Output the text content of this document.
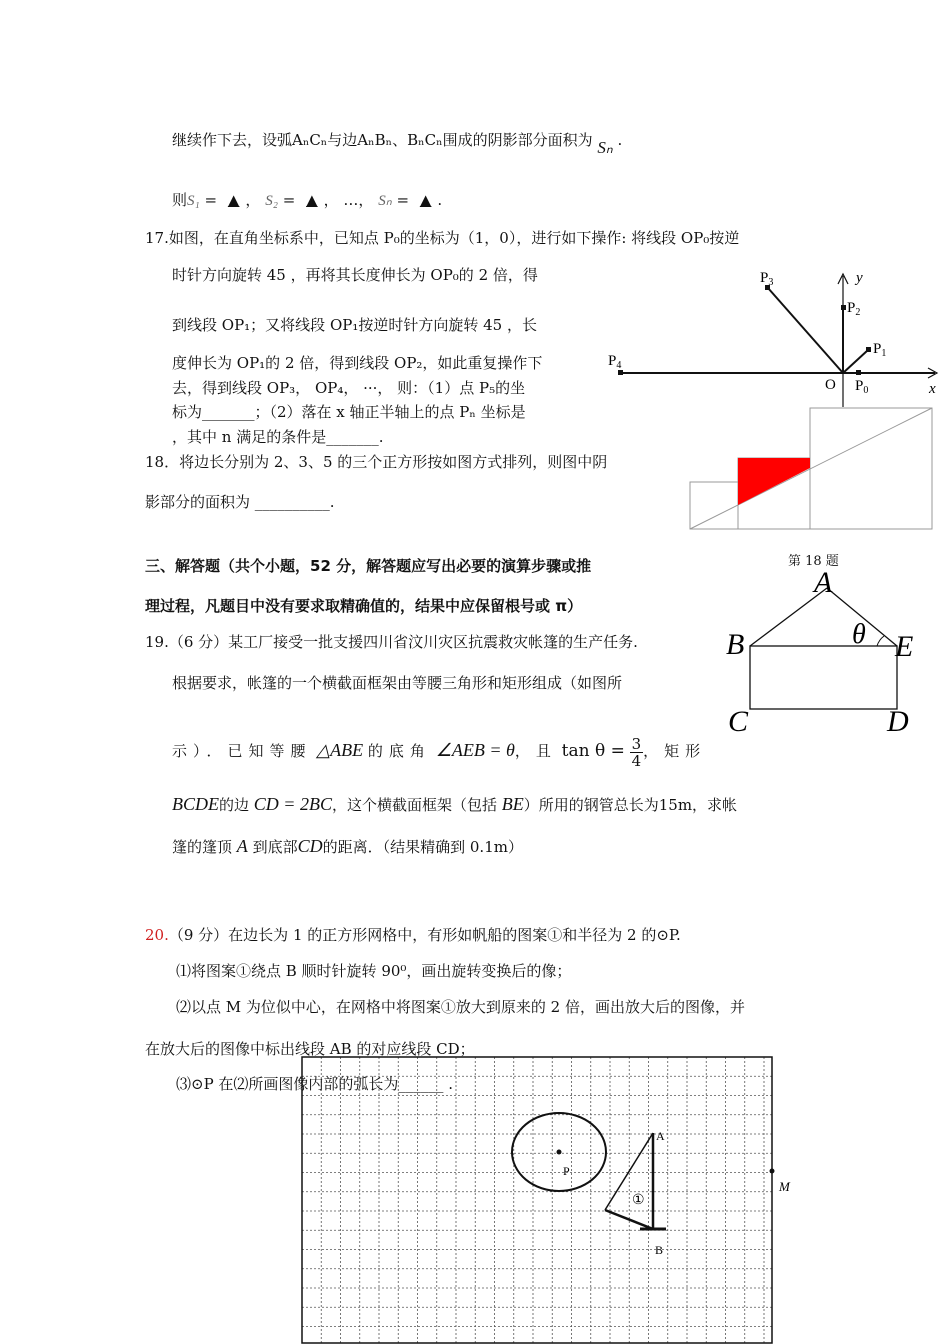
继续作下去，设弧AₙCₙ与边AₙBₙ、BₙCₙ围成的阴影部分面积为 Sₙ .
则S₁ = ▲ ， S₂ = ▲ ， …， Sₙ = ▲ .
17.如图，在直角坐标系中，已知点 P₀的坐标为（1，0），进行如下操作: 将线段 OP₀按逆
时针方向旋转 45 ，再将其长度伸长为 OP₀的 2 倍，得
到线段 OP₁；又将线段 OP₁按逆时针方向旋转 45 ，长
度伸长为 OP₁的 2 倍，得到线段 OP₂，如此重复操作下
去，得到线段 OP₃， OP₄， ···， 则：（1）点 P₅的坐
标为_______；（2）落在 x 轴正半轴上的点 Pₙ 坐标是
，其中 n 满足的条件是_______.
$P_3$
$P_2$
$P_1$
$P_4$
O $P_0$	x
y
18．将边长分别为 2、3、5 的三个正方形按如图方式排列，则图中阴
影部分的面积为 __________.
第 18 题
三、解答题（共个小题，52 分，解答题应写出必要的演算步骤或推
理过程，凡题目中没有要求取精确值的，结果中应保留根号或 π）
19.（6 分）某工厂接受一批支援四川省汶川灾区抗震救灾帐篷的生产任务.
根据要求，帐篷的一个横截面框架由等腰三角形和矩形组成（如图所
示）．已知等腰 △ABE 的底角 ∠AEB = θ，且 $\tan \theta = \frac{3}{4}$ ，矩形
BCDE的边 CD = 2BC，这个横截面框架（包括 BE）所用的钢管总长为15m，求帐
篷的篷顶 A 到底部CD的距离．（结果精确到 0.1m）
A
B	E
C	D
θ
20.（9 分）在边长为 1 的正方形网格中，有形如帆船的图案①和半径为 2 的⊙P.
⑴将图案①绕点 B 顺时针旋转 90⁰，画出旋转变换后的像；
⑵以点 M 为位似中心，在网格中将图案①放大到原来的 2 倍，画出放大后的图像，并
在放大后的图像中标出线段 AB 的对应线段 CD；
P
A
B
①
M
⑶⊙P 在⑵所画图像内部的弧长为______ .
